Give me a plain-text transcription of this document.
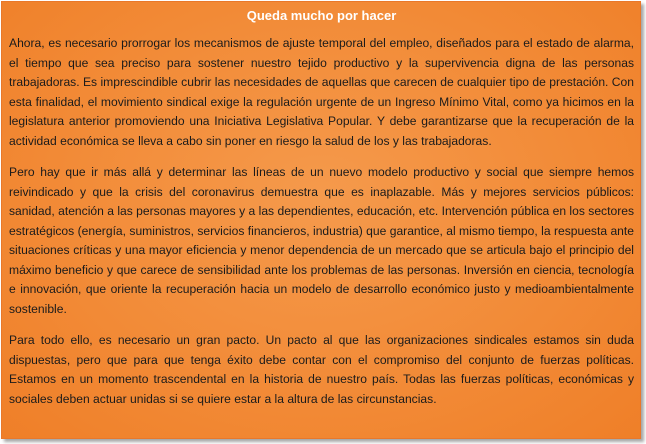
Queda mucho por hacer

Ahora, es necesario prorrogar los mecanismos de ajuste temporal del empleo, diseñados para el estado de alarma, el tiempo que sea preciso para sostener nuestro tejido productivo y la supervivencia digna de las personas trabajadoras. Es imprescindible cubrir las necesidades de aquellas que carecen de cualquier tipo de prestación. Con esta finalidad, el movimiento sindical exige la regulación urgente de un Ingreso Mínimo Vital, como ya hicimos en la legislatura anterior promoviendo una Iniciativa Legislativa Popular. Y debe garantizarse que la recuperación de la actividad económica se lleva a cabo sin poner en riesgo la salud de los y las trabajadoras.

Pero hay que ir más allá y determinar las líneas de un nuevo modelo productivo y social que siempre hemos reivindicado y que la crisis del coronavirus demuestra que es inaplazable. Más y mejores servicios públicos: sanidad, atención a las personas mayores y a las dependientes, educación, etc. Intervención pública en los sectores estratégicos (energía, suministros, servicios financieros, industria) que garantice, al mismo tiempo, la respuesta ante situaciones críticas y una mayor eficiencia y menor dependencia de un mercado que se articula bajo el principio del máximo beneficio y que carece de sensibilidad ante los problemas de las personas. Inversión en ciencia, tecnología e innovación, que oriente la recuperación hacia un modelo de desarrollo económico justo y medioambientalmente sostenible.

Para todo ello, es necesario un gran pacto. Un pacto al que las organizaciones sindicales estamos sin duda dispuestas, pero que para que tenga éxito debe contar con el compromiso del conjunto de fuerzas políticas. Estamos en un momento trascendental en la historia de nuestro país. Todas las fuerzas políticas, económicas y sociales deben actuar unidas si se quiere estar a la altura de las circunstancias.
